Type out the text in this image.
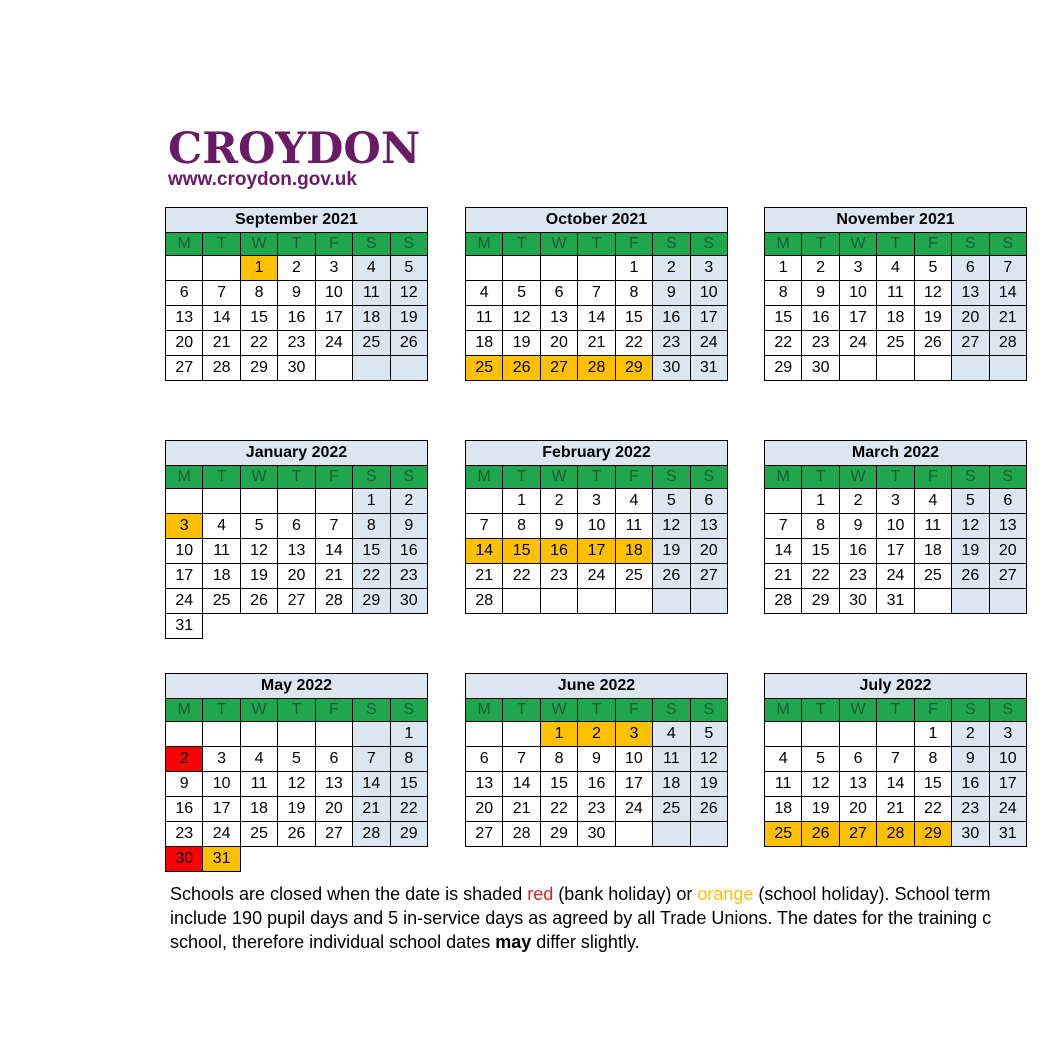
CROYDON
www.croydon.gov.uk
September 2021						
M	T	W	T	F	S	S
		1	2	3	4	5
6	7	8	9	10	11	12
13	14	15	16	17	18	19
20	21	22	23	24	25	26
27	28	29	30			
October 2021						
M	T	W	T	F	S	S
				1	2	3
4	5	6	7	8	9	10
11	12	13	14	15	16	17
18	19	20	21	22	23	24
25	26	27	28	29	30	31
November 2021						
M	T	W	T	F	S	S
1	2	3	4	5	6	7
8	9	10	11	12	13	14
15	16	17	18	19	20	21
22	23	24	25	26	27	28
29	30					
January 2022						
M	T	W	T	F	S	S
					1	2
3	4	5	6	7	8	9
10	11	12	13	14	15	16
17	18	19	20	21	22	23
24	25	26	27	28	29	30
31						
February 2022						
M	T	W	T	F	S	S
	1	2	3	4	5	6
7	8	9	10	11	12	13
14	15	16	17	18	19	20
21	22	23	24	25	26	27
28						
March 2022						
M	T	W	T	F	S	S
	1	2	3	4	5	6
7	8	9	10	11	12	13
14	15	16	17	18	19	20
21	22	23	24	25	26	27
28	29	30	31			
May 2022						
M	T	W	T	F	S	S
						1
2	3	4	5	6	7	8
9	10	11	12	13	14	15
16	17	18	19	20	21	22
23	24	25	26	27	28	29
30	31					
June 2022						
M	T	W	T	F	S	S
		1	2	3	4	5
6	7	8	9	10	11	12
13	14	15	16	17	18	19
20	21	22	23	24	25	26
27	28	29	30			
July 2022						
M	T	W	T	F	S	S
				1	2	3
4	5	6	7	8	9	10
11	12	13	14	15	16	17
18	19	20	21	22	23	24
25	26	27	28	29	30	31
Schools are closed when the date is shaded red (bank holiday) or orange (school holiday). School term
include 190 pupil days and 5 in-service days as agreed by all Trade Unions. The dates for the training c
school, therefore individual school dates may differ slightly.
